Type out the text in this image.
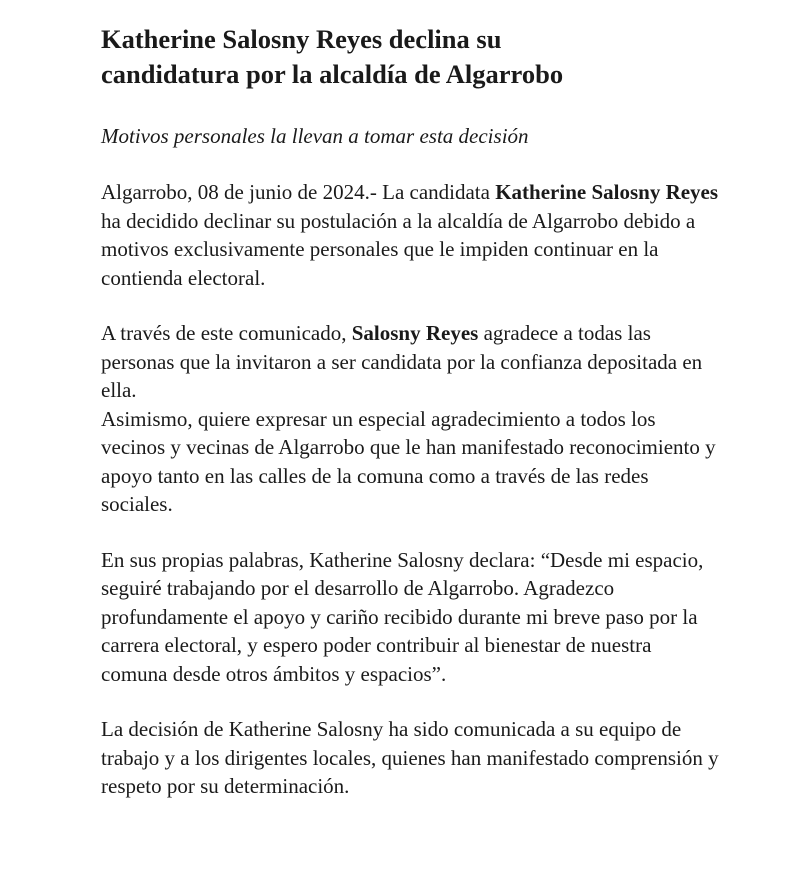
Katherine Salosny Reyes declina su
candidatura por la alcaldía de Algarrobo

Motivos personales la llevan a tomar esta decisión

Algarrobo, 08 de junio de 2024.- La candidata Katherine Salosny Reyes ha decidido declinar su postulación a la alcaldía de Algarrobo debido a motivos exclusivamente personales que le impiden continuar en la contienda electoral.

A través de este comunicado, Salosny Reyes agradece a todas las personas que la invitaron a ser candidata por la confianza depositada en ella.

Asimismo, quiere expresar un especial agradecimiento a todos los vecinos y vecinas de Algarrobo que le han manifestado reconocimiento y apoyo tanto en las calles de la comuna como a través de las redes sociales.

En sus propias palabras, Katherine Salosny declara: “Desde mi espacio, seguiré trabajando por el desarrollo de Algarrobo. Agradezco profundamente el apoyo y cariño recibido durante mi breve paso por la carrera electoral, y espero poder contribuir al bienestar de nuestra comuna desde otros ámbitos y espacios”.

La decisión de Katherine Salosny ha sido comunicada a su equipo de trabajo y a los dirigentes locales, quienes han manifestado comprensión y respeto por su determinación.
